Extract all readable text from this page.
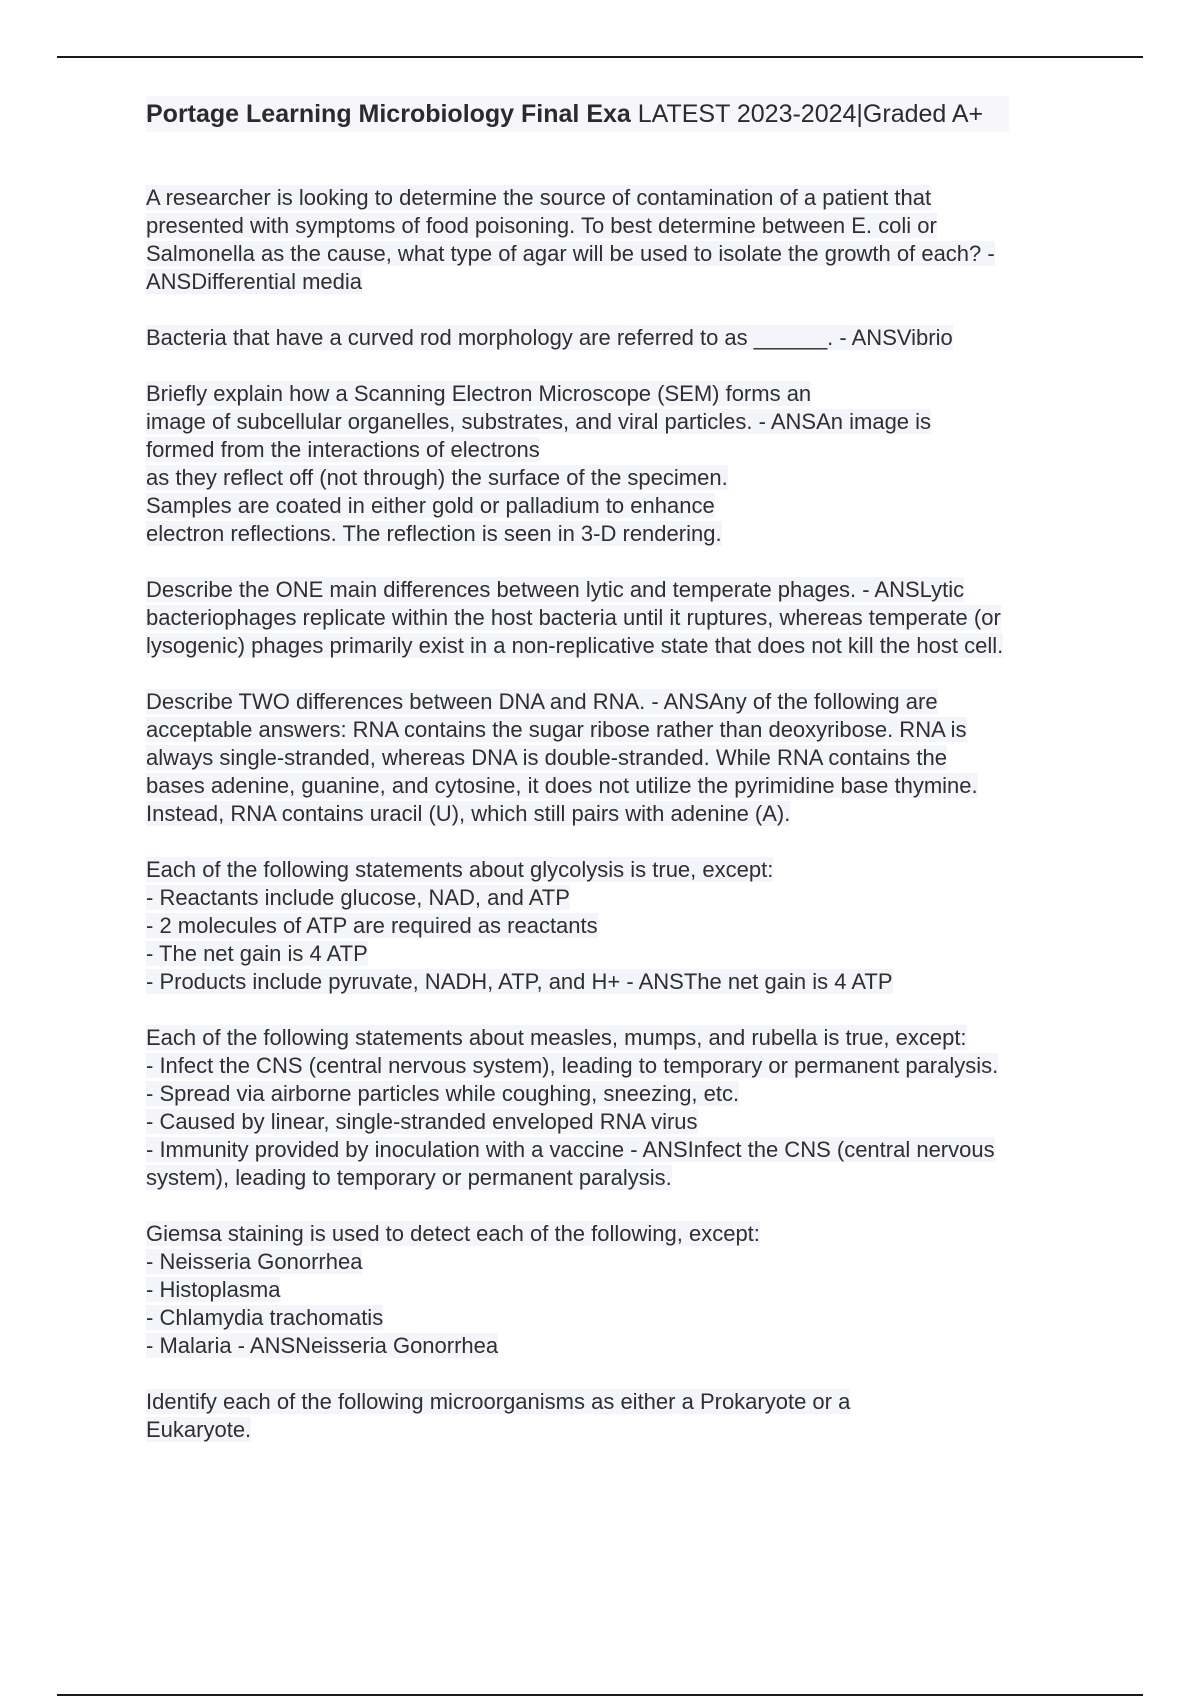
Portage Learning Microbiology Final Exa LATEST 2023-2024|Graded A+
A researcher is looking to determine the source of contamination of a patient that
presented with symptoms of food poisoning. To best determine between E. coli or
Salmonella as the cause, what type of agar will be used to isolate the growth of each? -
ANSDifferential media
Bacteria that have a curved rod morphology are referred to as ______. - ANSVibrio
Briefly explain how a Scanning Electron Microscope (SEM) forms an
image of subcellular organelles, substrates, and viral particles. - ANSAn image is
formed from the interactions of electrons
as they reflect off (not through) the surface of the specimen.
Samples are coated in either gold or palladium to enhance
electron reflections. The reflection is seen in 3-D rendering.
Describe the ONE main differences between lytic and temperate phages. - ANSLytic
bacteriophages replicate within the host bacteria until it ruptures, whereas temperate (or
lysogenic) phages primarily exist in a non-replicative state that does not kill the host cell.
Describe TWO differences between DNA and RNA. - ANSAny of the following are
acceptable answers: RNA contains the sugar ribose rather than deoxyribose. RNA is
always single-stranded, whereas DNA is double-stranded. While RNA contains the
bases adenine, guanine, and cytosine, it does not utilize the pyrimidine base thymine.
Instead, RNA contains uracil (U), which still pairs with adenine (A).
Each of the following statements about glycolysis is true, except:
- Reactants include glucose, NAD, and ATP
- 2 molecules of ATP are required as reactants
- The net gain is 4 ATP
- Products include pyruvate, NADH, ATP, and H+ - ANSThe net gain is 4 ATP
Each of the following statements about measles, mumps, and rubella is true, except:
- Infect the CNS (central nervous system), leading to temporary or permanent paralysis.
- Spread via airborne particles while coughing, sneezing, etc.
- Caused by linear, single-stranded enveloped RNA virus
- Immunity provided by inoculation with a vaccine - ANSInfect the CNS (central nervous
system), leading to temporary or permanent paralysis.
Giemsa staining is used to detect each of the following, except:
- Neisseria Gonorrhea
- Histoplasma
- Chlamydia trachomatis
- Malaria - ANSNeisseria Gonorrhea
Identify each of the following microorganisms as either a Prokaryote or a
Eukaryote.
